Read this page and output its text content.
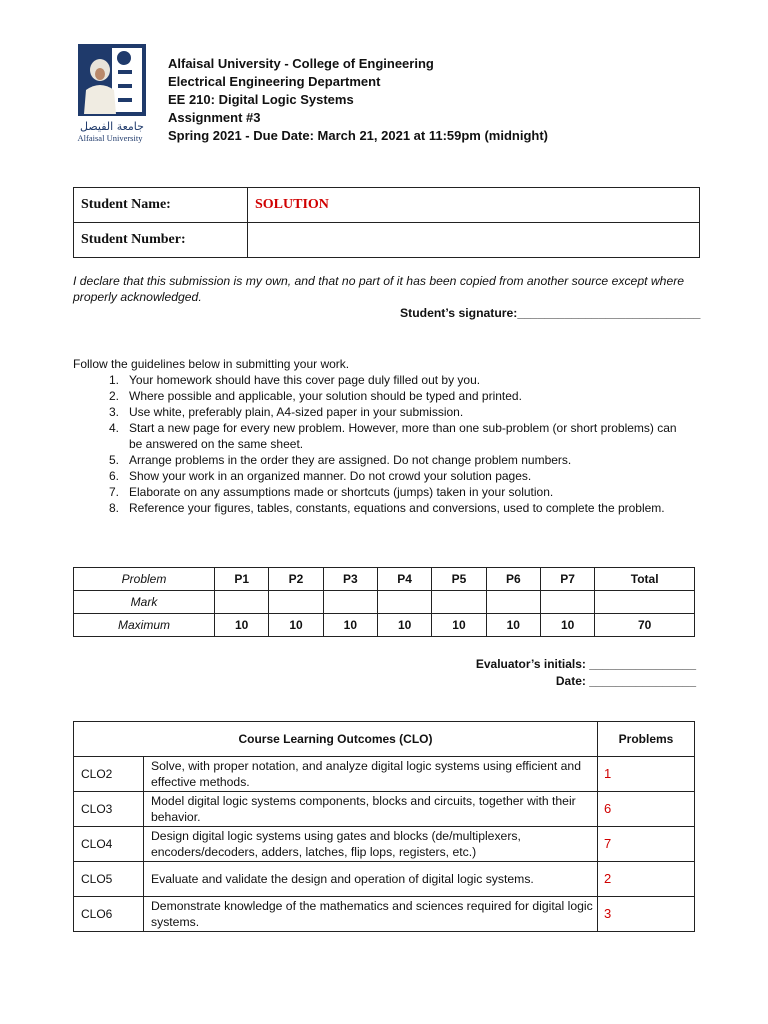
جامعة الفيصل
Alfaisal University
Alfaisal University - College of Engineering
Electrical Engineering Department
EE 210: Digital Logic Systems
Assignment #3
Spring 2021 - Due Date: March 21, 2021 at 11:59pm (midnight)
Student Name:	SOLUTION
Student Number:	
I declare that this submission is my own, and that no part of it has been copied from another source except where properly acknowledged.
Student’s signature:___________________________
Follow the guidelines below in submitting your work.
1. Your homework should have this cover page duly filled out by you.
2. Where possible and applicable, your solution should be typed and printed.
3. Use white, preferably plain, A4-sized paper in your submission.
4. Start a new page for every new problem. However, more than one sub-problem (or short problems) can be answered on the same sheet.
5. Arrange problems in the order they are assigned. Do not change problem numbers.
6. Show your work in an organized manner. Do not crowd your solution pages.
7. Elaborate on any assumptions made or shortcuts (jumps) taken in your solution.
8. Reference your figures, tables, constants, equations and conversions, used to complete the problem.
Problem	P1	P2	P3	P4	P5	P6	P7	Total
Mark								
Maximum	10	10	10	10	10	10	10	70
Evaluator’s initials: ________________
Date: ________________
Course Learning Outcomes (CLO)		Problems
CLO2	Solve, with proper notation, and analyze digital logic systems using efficient and effective methods.	1
CLO3	Model digital logic systems components, blocks and circuits, together with their behavior.	6
CLO4	Design digital logic systems using gates and blocks (de/multiplexers, encoders/decoders, adders, latches, flip lops, registers, etc.)	7
CLO5	Evaluate and validate the design and operation of digital logic systems.	2
CLO6	Demonstrate knowledge of the mathematics and sciences required for digital logic systems.	3
